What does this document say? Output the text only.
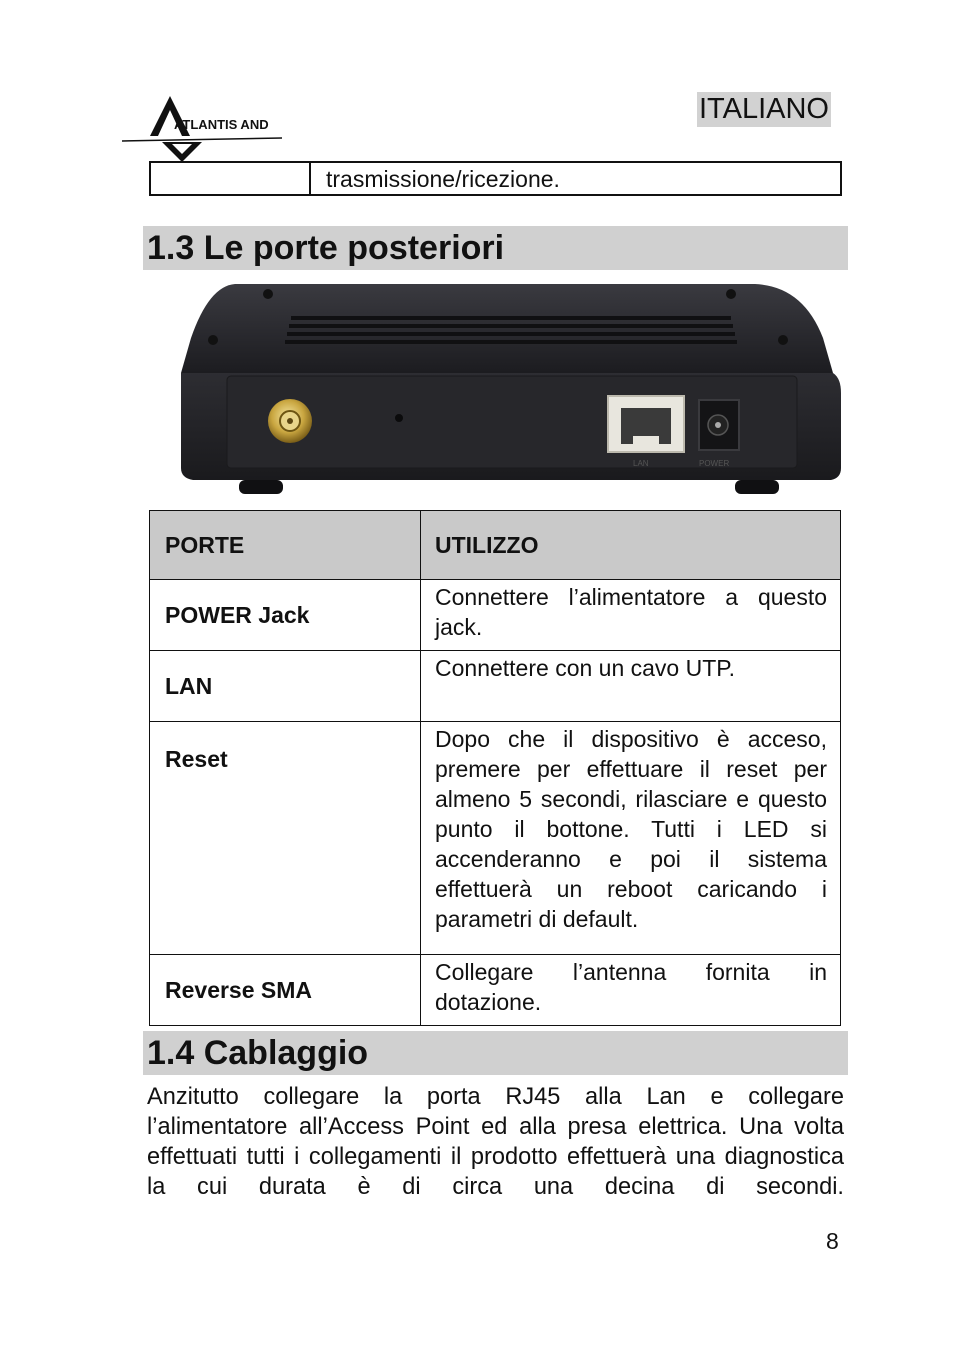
ATLANTIS AND	ITALIANO
trasmissione/ricezione.
1.3 Le porte posteriori
LAN	POWER
PORTE	UTILIZZO
POWER Jack	Connettere l’alimentatore a questo jack.
LAN	Connettere con un cavo UTP.
Reset	Dopo che il dispositivo è acceso, premere per effettuare il reset per almeno 5 secondi, rilasciare e questo punto il bottone. Tutti i LED si accenderanno e poi il sistema effettuerà un reboot caricando i parametri di default.
Reverse SMA	Collegare l’antenna fornita in dotazione.
1.4 Cablaggio
Anzitutto collegare la porta RJ45 alla Lan e collegare l’alimentatore all’Access Point ed alla presa elettrica. Una volta effettuati tutti i collegamenti il prodotto effettuerà una diagnostica la cui durata è di circa una decina di secondi.
8
